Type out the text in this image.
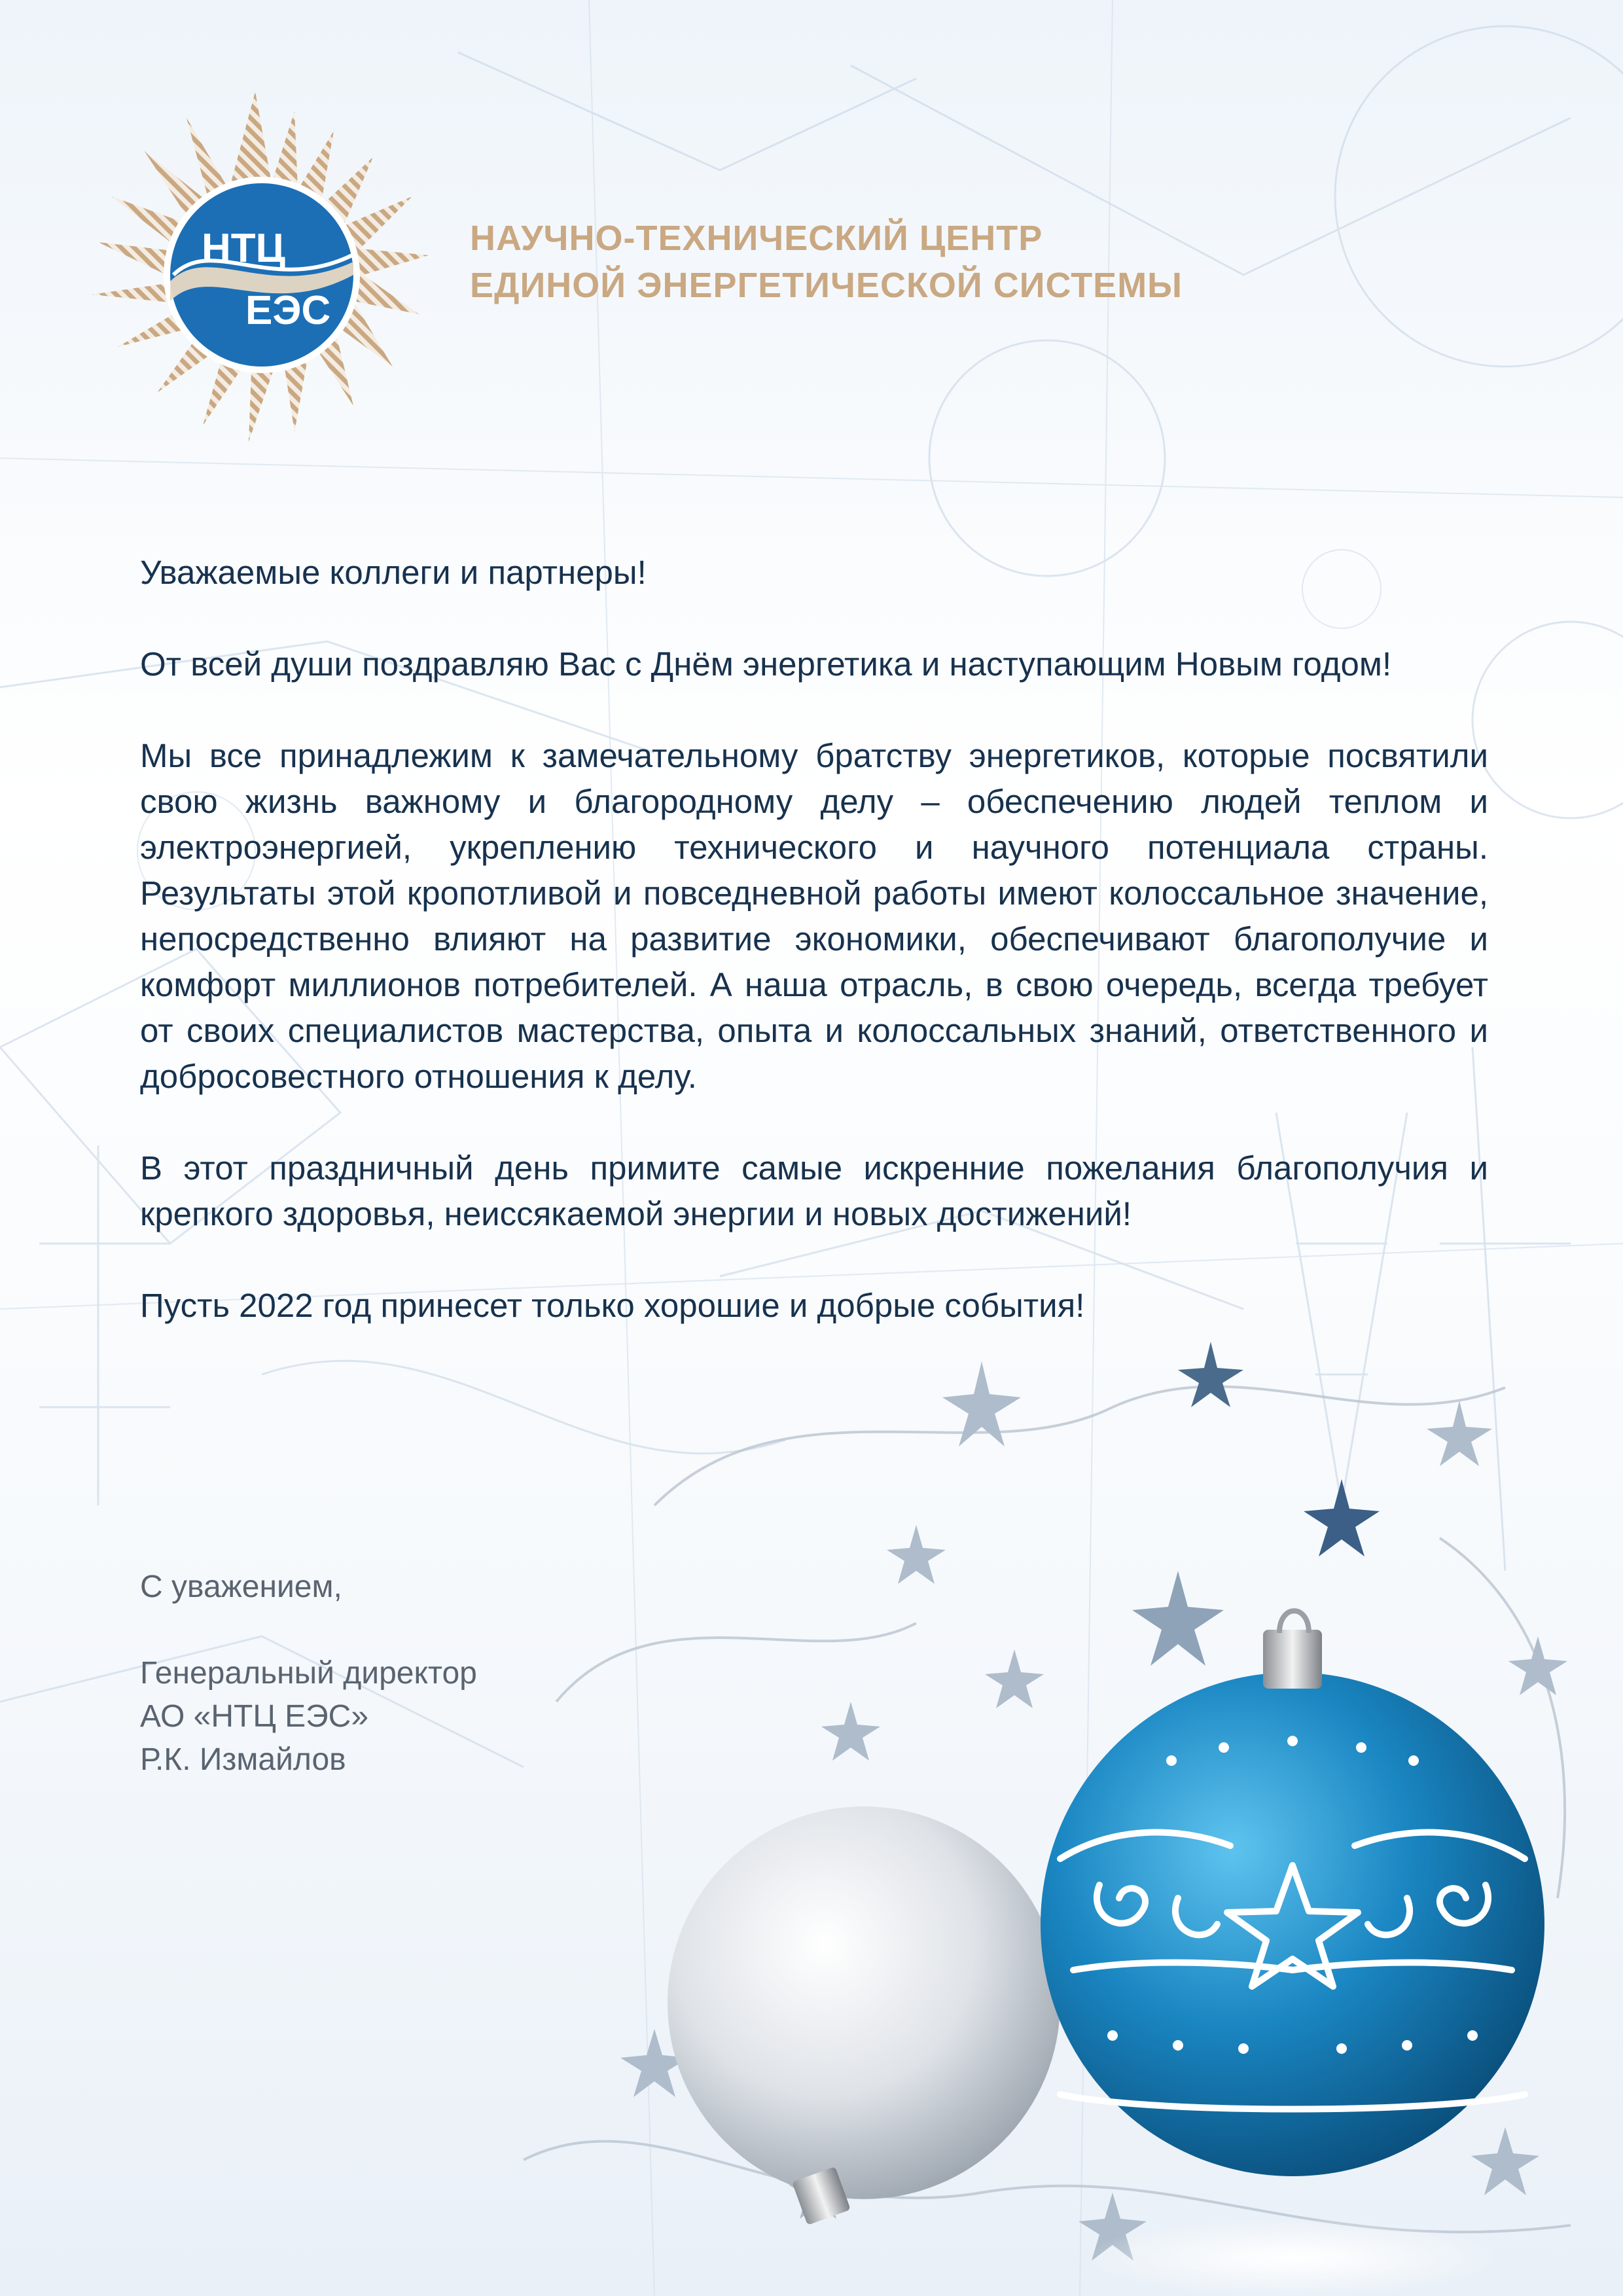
НТЦ
ЕЭС
НАУЧНО-ТЕХНИЧЕСКИЙ ЦЕНТР
ЕДИНОЙ ЭНЕРГЕТИЧЕСКОЙ СИСТЕМЫ
Уважаемые коллеги и партнеры!
От всей души поздравляю Вас с Днём энергетика и наступающим Новым годом!
Мы все принадлежим к замечательному братству энергетиков, которые посвятили свою жизнь важному и благородному делу – обеспечению людей теплом и электроэнергией, укреплению технического и научного потенциала страны. Результаты этой кропотливой и повседневной работы имеют колоссальное значение, непосредственно влияют на развитие экономики, обеспечивают благополучие и комфорт миллионов потребителей. А наша отрасль, в свою очередь, всегда требует от своих специалистов мастерства, опыта и колоссальных знаний, ответственного и добросовестного отношения к делу.
В этот праздничный день примите самые искренние пожелания благополучия и крепкого здоровья, неиссякаемой энергии и новых достижений!
Пусть 2022 год принесет только хорошие и добрые события!
С уважением,
Генеральный директор
АО «НТЦ ЕЭС»
Р.К. Измайлов
